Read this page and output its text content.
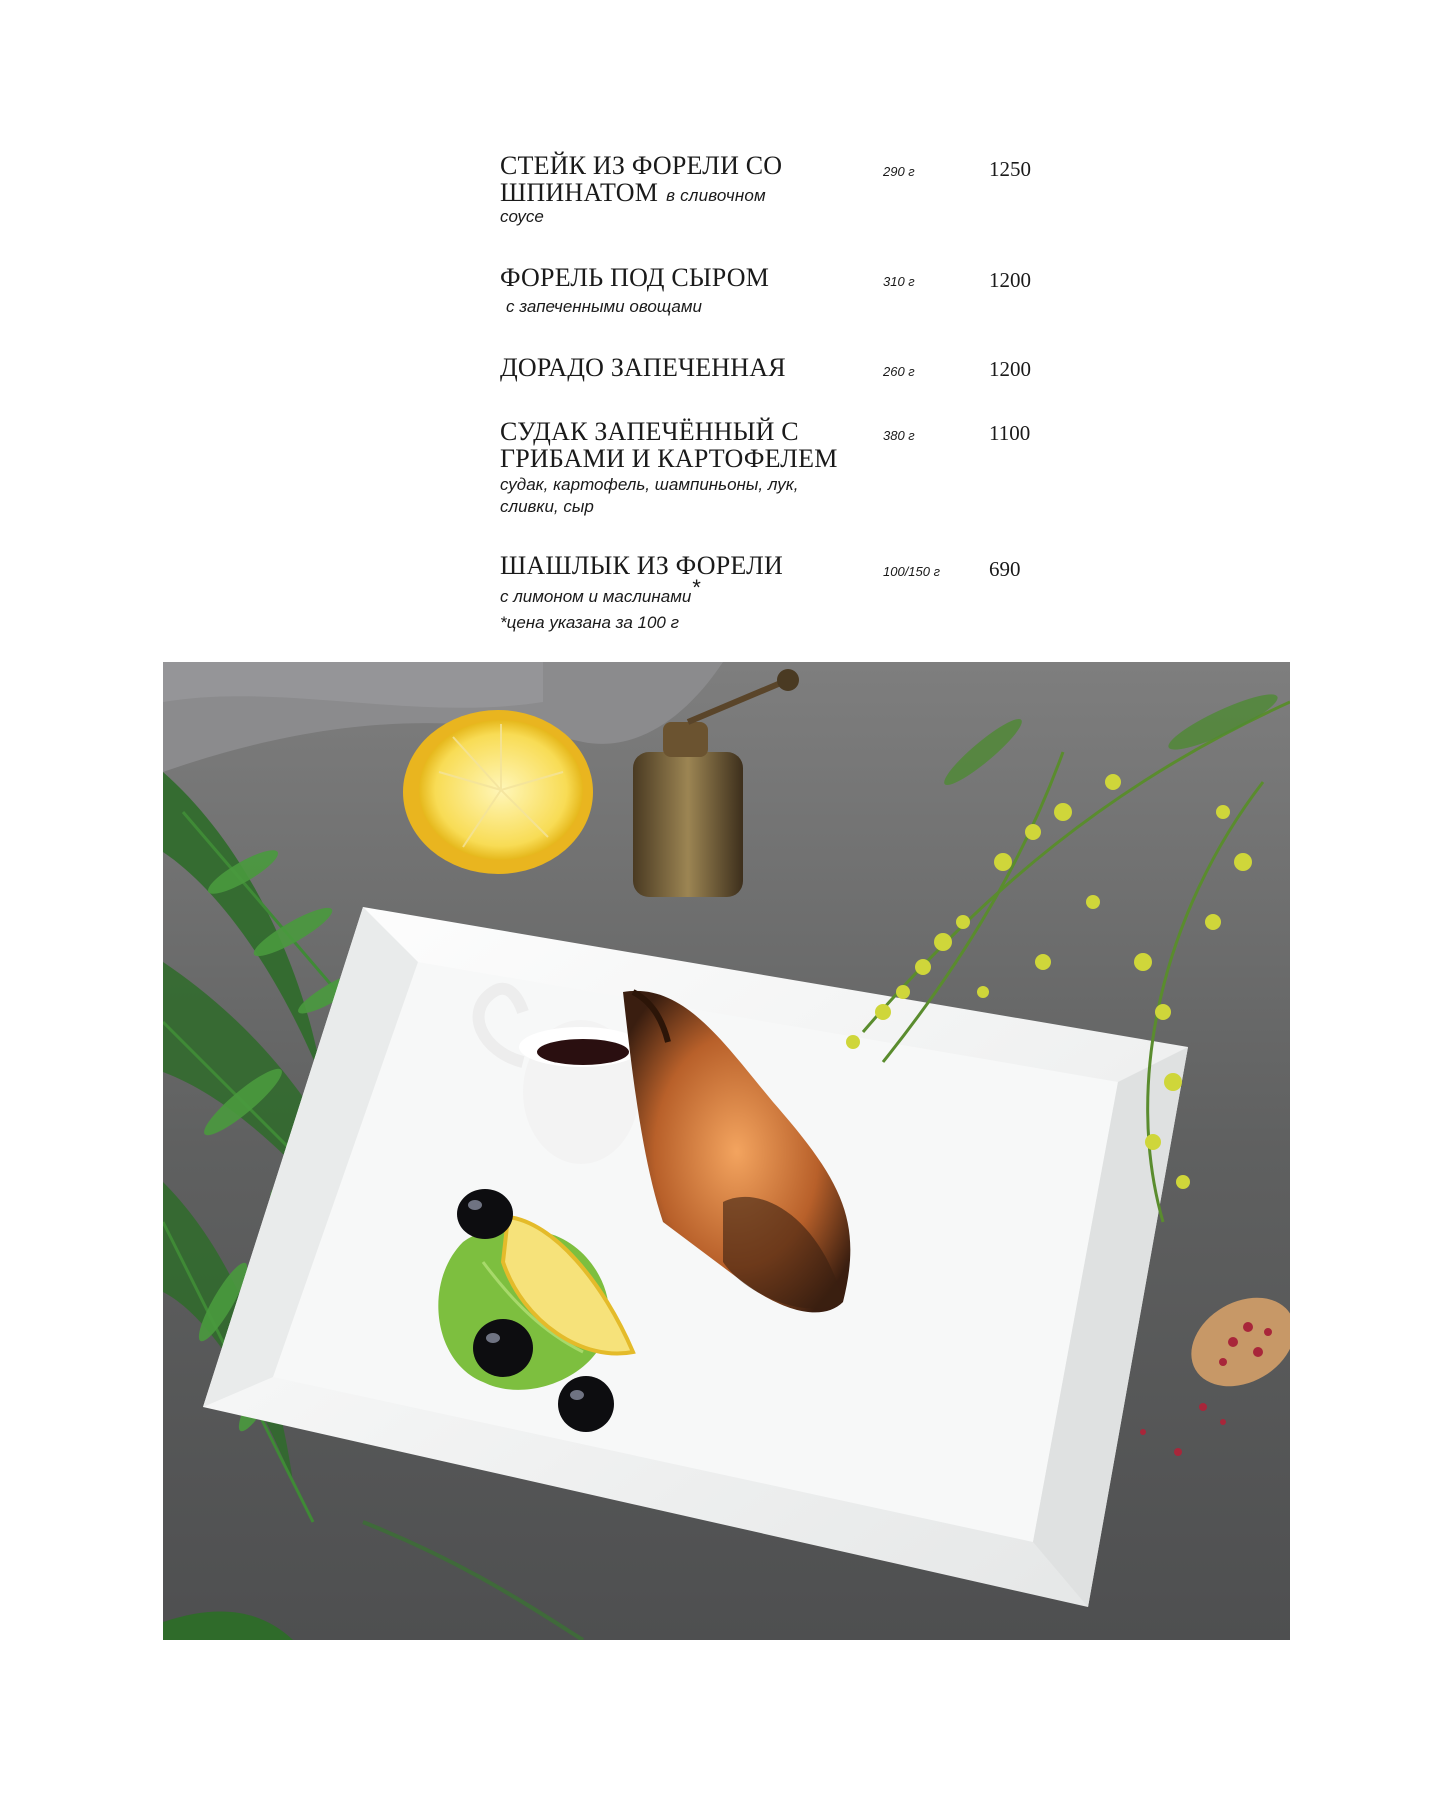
СТЕЙК ИЗ ФОРЕЛИ СО
ШПИНАТОМ в сливочном
соусе
290 г	1250
ФОРЕЛЬ ПОД СЫРОМ
с запеченными овощами
310 г	1200
ДОРАДО ЗАПЕЧЕННАЯ	260 г	1200
СУДАК ЗАПЕЧЁННЫЙ С
ГРИБАМИ И КАРТОФЕЛЕМ
судак, картофель, шампиньоны, лук,
сливки, сыр
380 г	1100
ШАШЛЫК ИЗ ФОРЕЛИ
с лимоном и маслинами*
*цена указана за 100 г
100/150 г 690
